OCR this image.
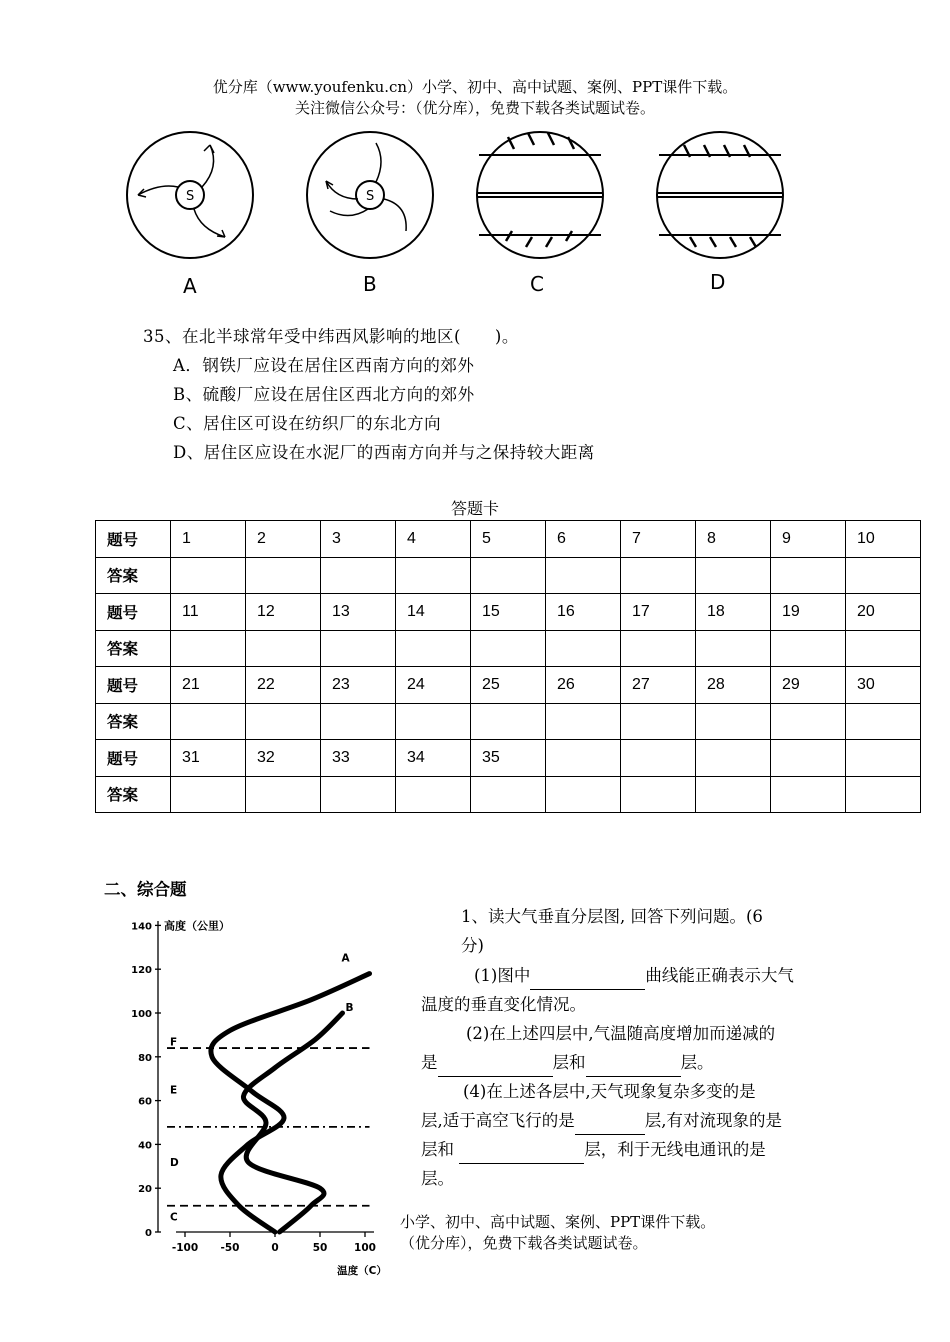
优分库（www.youfenku.cn）小学、初中、高中试题、案例、PPT课件下载。
关注微信公众号：（优分库），免费下载各类试题试卷。
S
A
S
B	C	D
35、在北半球常年受中纬西风影响的地区(　　)。
A．钢铁厂应设在居住区西南方向的郊外
B、硫酸厂应设在居住区西北方向的郊外
C、居住区可设在纺织厂的东北方向
D、居住区应设在水泥厂的西南方向并与之保持较大距离
答题卡
题号	1	2	3	4	5	6	7	8	9	10
答案										
题号	11	12	13	14	15	16	17	18	19	20
答案										
题号	21	22	23	24	25	26	27	28	29	30
答案										
题号	31	32	33	34	35					
答案										
二、综合题
0
20
40
60
80
100
120
140 高度（公里）
-100 -50	0	50	100
温度（C）
C
D
E
F
A
B
1、读大气垂直分层图, 回答下列问题。(6
分)
(1)图中	曲线能正确表示大气
温度的垂直变化情况。
(2)在上述四层中,气温随高度增加而递减的
是	层和	层。
(4)在上述各层中,天气现象复杂多变的是
层,适于高空飞行的是	层,有对流现象的是
层和	层，利于无线电通讯的是
层。
小学、初中、高中试题、案例、PPT课件下载。
（优分库），免费下载各类试题试卷。
